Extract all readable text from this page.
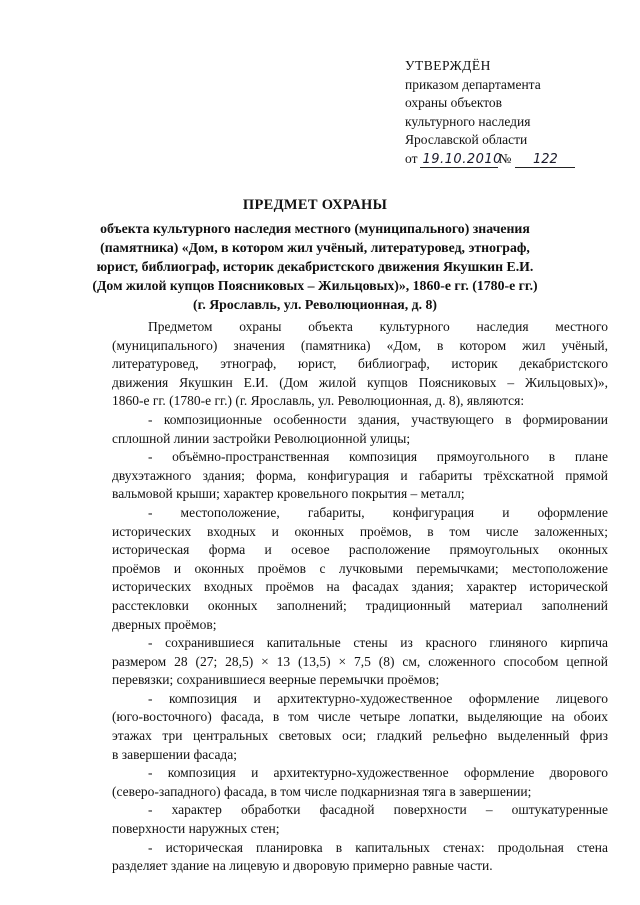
УТВЕРЖДЁН
приказом департамента
охраны объектов
культурного наследия
Ярославской области
от 19.10.2010
№	122
ПРЕДМЕТ ОХРАНЫ
объекта культурного наследия местного (муниципального) значения
(памятника) «Дом, в котором жил учёный, литературовед, этнограф,
юрист, библиограф, историк декабристского движения Якушкин Е.И.
(Дом жилой купцов Поясниковых – Жильцовых)», 1860-е гг. (1780-е гг.)
(г. Ярославль, ул. Революционная, д. 8)
Предметом охраны объекта культурного наследия местного
(муниципального) значения (памятника) «Дом, в котором жил учёный,
литературовед, этнограф, юрист, библиограф, историк декабристского
движения Якушкин Е.И. (Дом жилой купцов Поясниковых – Жильцовых)»,
1860-е гг. (1780-е гг.) (г. Ярославль, ул. Революционная, д. 8), являются:
- композиционные особенности здания, участвующего в формировании
сплошной линии застройки Революционной улицы;
- объёмно-пространственная композиция прямоугольного в плане
двухэтажного здания; форма, конфигурация и габариты трёхскатной прямой
вальмовой крыши; характер кровельного покрытия – металл;
- местоположение, габариты, конфигурация и оформление
исторических входных и оконных проёмов, в том числе заложенных;
историческая форма и осевое расположение прямоугольных оконных
проёмов и оконных проёмов с лучковыми перемычками; местоположение
исторических входных проёмов на фасадах здания; характер исторической
расстекловки оконных заполнений; традиционный материал заполнений
дверных проёмов;
- сохранившиеся капитальные стены из красного глиняного кирпича
размером 28 (27; 28,5) × 13 (13,5) × 7,5 (8) см, сложенного способом цепной
перевязки; сохранившиеся веерные перемычки проёмов;
- композиция и архитектурно-художественное оформление лицевого
(юго-восточного) фасада, в том числе четыре лопатки, выделяющие на обоих
этажах три центральных световых оси; гладкий рельефно выделенный фриз
в завершении фасада;
- композиция и архитектурно-художественное оформление дворового
(северо-западного) фасада, в том числе подкарнизная тяга в завершении;
- характер обработки фасадной поверхности – оштукатуренные
поверхности наружных стен;
- историческая планировка в капитальных стенах: продольная стена
разделяет здание на лицевую и дворовую примерно равные части.
